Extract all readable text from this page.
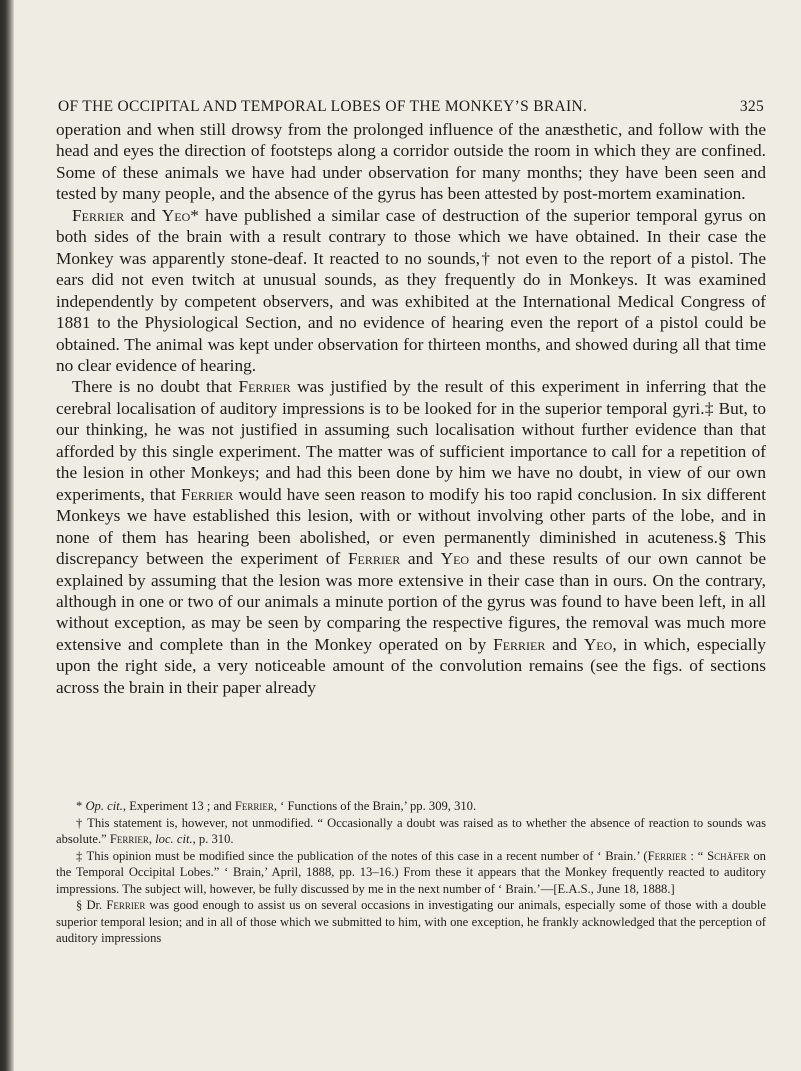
OF THE OCCIPITAL AND TEMPORAL LOBES OF THE MONKEY’S BRAIN.	325

operation and when still drowsy from the prolonged influence of the anæsthetic, and follow with the head and eyes the direction of footsteps along a corridor outside the room in which they are confined. Some of these animals we have had under observation for many months; they have been seen and tested by many people, and the absence of the gyrus has been attested by post-mortem examination.

Ferrier and Yeo* have published a similar case of destruction of the superior temporal gyrus on both sides of the brain with a result contrary to those which we have obtained. In their case the Monkey was apparently stone-deaf. It reacted to no sounds,† not even to the report of a pistol. The ears did not even twitch at unusual sounds, as they frequently do in Monkeys. It was examined independently by competent observers, and was exhibited at the International Medical Congress of 1881 to the Physiological Section, and no evidence of hearing even the report of a pistol could be obtained. The animal was kept under observation for thirteen months, and showed during all that time no clear evidence of hearing.

There is no doubt that Ferrier was justified by the result of this experiment in inferring that the cerebral localisation of auditory impressions is to be looked for in the superior temporal gyri.‡ But, to our thinking, he was not justified in assuming such localisation without further evidence than that afforded by this single experiment. The matter was of sufficient importance to call for a repetition of the lesion in other Monkeys; and had this been done by him we have no doubt, in view of our own experiments, that Ferrier would have seen reason to modify his too rapid conclusion. In six different Monkeys we have established this lesion, with or without involving other parts of the lobe, and in none of them has hearing been abolished, or even permanently diminished in acuteness.§ This discrepancy between the experiment of Ferrier and Yeo and these results of our own cannot be explained by assuming that the lesion was more extensive in their case than in ours. On the contrary, although in one or two of our animals a minute portion of the gyrus was found to have been left, in all without exception, as may be seen by comparing the respective figures, the removal was much more extensive and complete than in the Monkey operated on by Ferrier and Yeo, in which, especially upon the right side, a very noticeable amount of the convolution remains (see the figs. of sections across the brain in their paper already

* Op. cit., Experiment 13 ; and Ferrier, ‘ Functions of the Brain,’ pp. 309, 310.

† This statement is, however, not unmodified. “ Occasionally a doubt was raised as to whether the absence of reaction to sounds was absolute.” Ferrier, loc. cit., p. 310.

‡ This opinion must be modified since the publication of the notes of this case in a recent number of ‘ Brain.’ (Ferrier : “ Schäfer on the Temporal Occipital Lobes.” ‘ Brain,’ April, 1888, pp. 13–16.) From these it appears that the Monkey frequently reacted to auditory impressions. The subject will, however, be fully discussed by me in the next number of ‘ Brain.’—[E.A.S., June 18, 1888.]

§ Dr. Ferrier was good enough to assist us on several occasions in investigating our animals, especially some of those with a double superior temporal lesion; and in all of those which we submitted to him, with one exception, he frankly acknowledged that the perception of auditory impressions
